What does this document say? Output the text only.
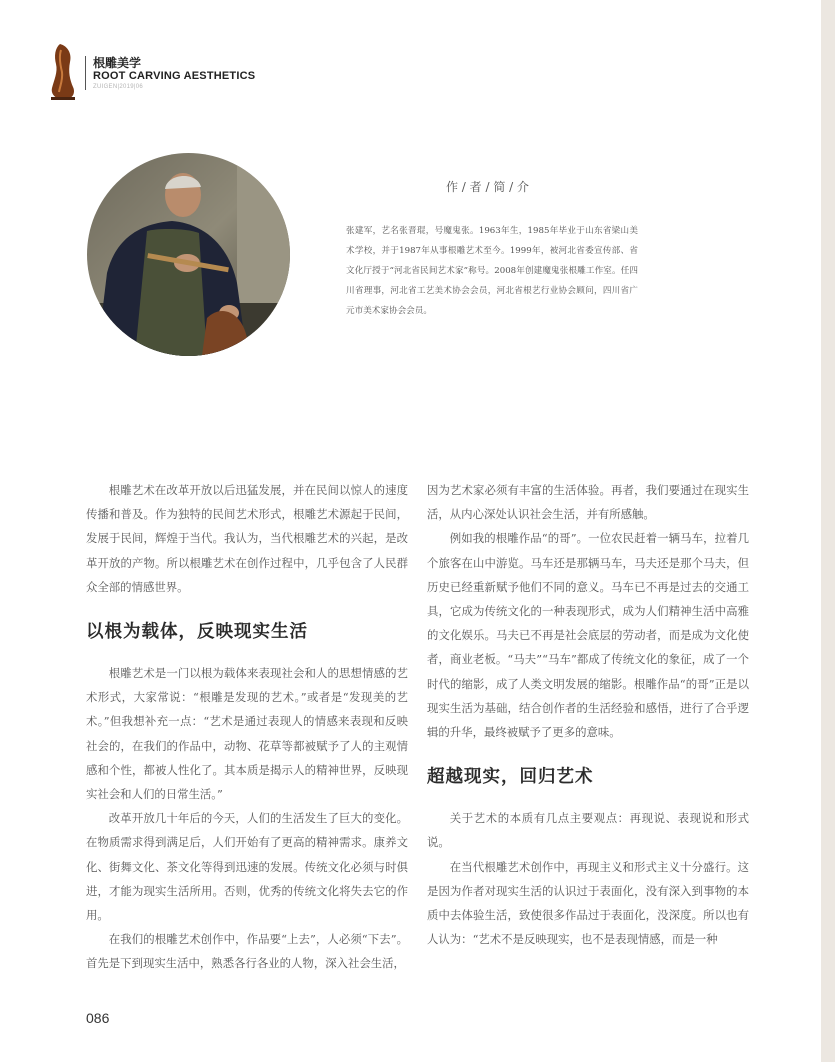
根雕美学
ROOT CARVING AESTHETICS
ZUIGEN|2019|06
作 / 者 / 简 / 介

张建军，艺名张晋琨，号魔鬼张。1963年生，1985年毕业于山东省梁山美术学校，并于1987年从事根雕艺术至今。1999年，被河北省委宣传部、省文化厅授于“河北省民间艺术家”称号。2008年创建魔鬼张根雕工作室。任四川省理事，河北省工艺美术协会会员，河北省根艺行业协会顾问，四川省广元市美术家协会会员。

根雕艺术在改革开放以后迅猛发展，并在民间以惊人的速度传播和普及。作为独特的民间艺术形式，根雕艺术源起于民间，发展于民间，辉煌于当代。我认为，当代根雕艺术的兴起，是改革开放的产物。所以根雕艺术在创作过程中，几乎包含了人民群众全部的情感世界。

以根为载体，反映现实生活

根雕艺术是一门以根为载体来表现社会和人的思想情感的艺术形式，大家常说：“根雕是发现的艺术。”或者是“发现美的艺术。”但我想补充一点：“艺术是通过表现人的情感来表现和反映社会的，在我们的作品中，动物、花草等都被赋予了人的主观情感和个性，都被人性化了。其本质是揭示人的精神世界，反映现实社会和人们的日常生活。”

改革开放几十年后的今天，人们的生活发生了巨大的变化。在物质需求得到满足后，人们开始有了更高的精神需求。康养文化、街舞文化、茶文化等得到迅速的发展。传统文化必须与时俱进，才能为现实生活所用。否则，优秀的传统文化将失去它的作用。

在我们的根雕艺术创作中，作品要“上去”，人必须“下去”。首先是下到现实生活中，熟悉各行各业的人物，深入社会生活，

因为艺术家必须有丰富的生活体验。再者，我们要通过在现实生活，从内心深处认识社会生活，并有所感触。

例如我的根雕作品“的哥”。一位农民赶着一辆马车，拉着几个旅客在山中游览。马车还是那辆马车，马夫还是那个马夫，但历史已经重新赋予他们不同的意义。马车已不再是过去的交通工具，它成为传统文化的一种表现形式，成为人们精神生活中高雅的文化娱乐。马夫已不再是社会底层的劳动者，而是成为文化使者，商业老板。“马夫”“马车”都成了传统文化的象征，成了一个时代的缩影，成了人类文明发展的缩影。根雕作品“的哥”正是以现实生活为基础，结合创作者的生活经验和感悟，进行了合乎逻辑的升华，最终被赋予了更多的意味。

超越现实，回归艺术

关于艺术的本质有几点主要观点：再现说、表现说和形式说。

在当代根雕艺术创作中，再现主义和形式主义十分盛行。这是因为作者对现实生活的认识过于表面化，没有深入到事物的本质中去体验生活，致使很多作品过于表面化，没深度。所以也有人认为：“艺术不是反映现实，也不是表现情感，而是一种

086
